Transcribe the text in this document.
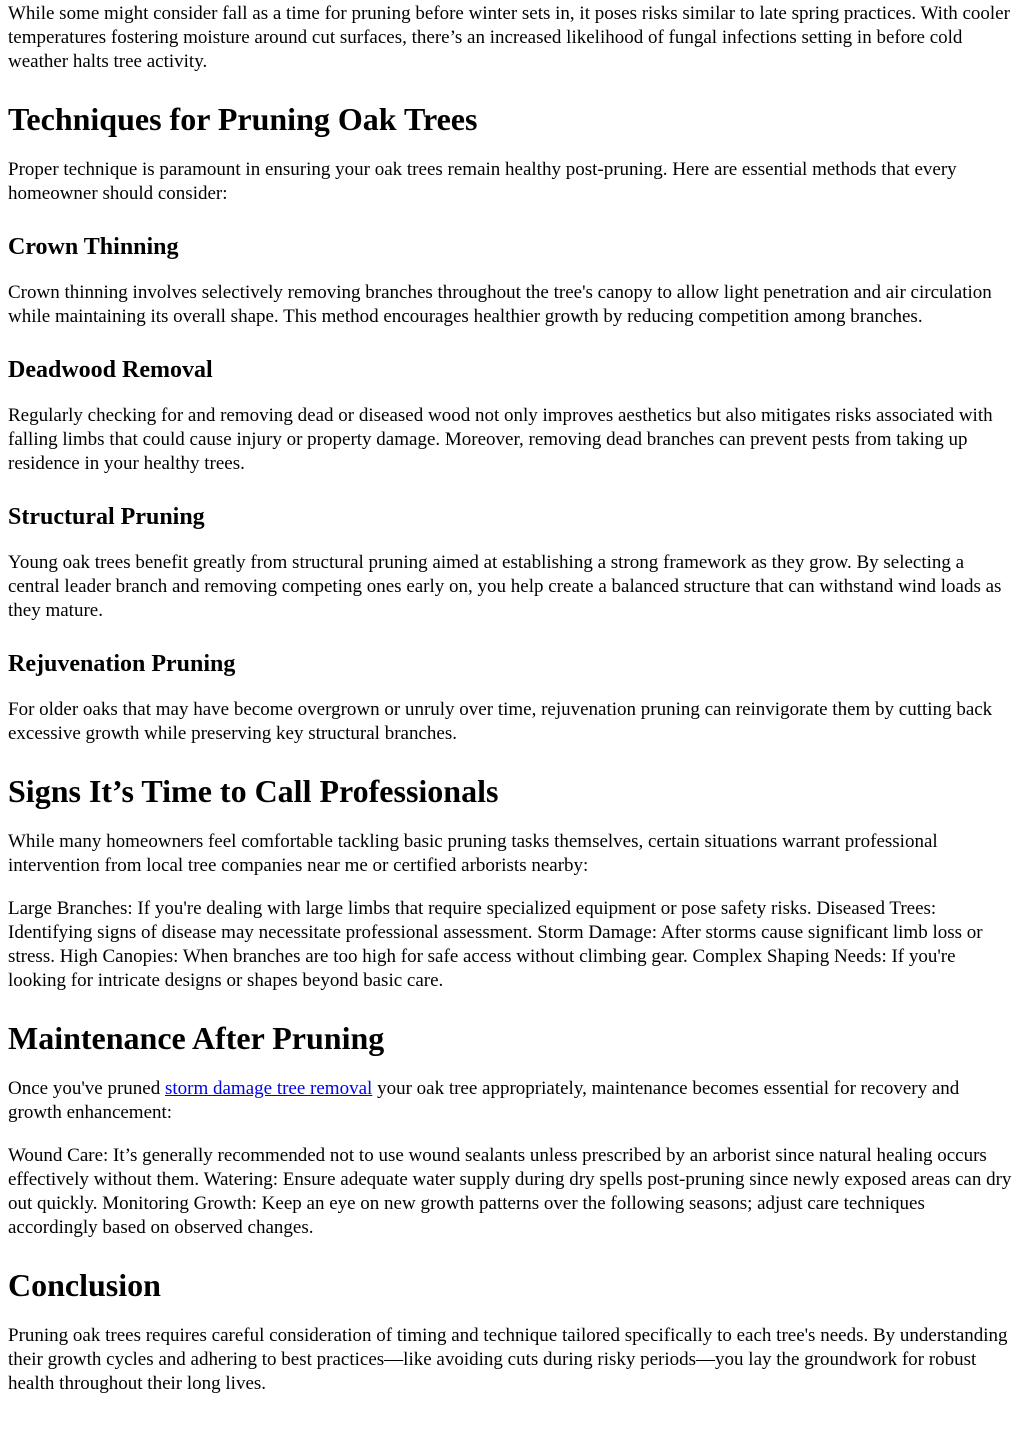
While some might consider fall as a time for pruning before winter sets in, it poses risks similar to late spring practices. With cooler temperatures fostering moisture around cut surfaces, there’s an increased likelihood of fungal infections setting in before cold weather halts tree activity.

Techniques for Pruning Oak Trees

Proper technique is paramount in ensuring your oak trees remain healthy post-pruning. Here are essential methods that every homeowner should consider:

Crown Thinning

Crown thinning involves selectively removing branches throughout the tree's canopy to allow light penetration and air circulation while maintaining its overall shape. This method encourages healthier growth by reducing competition among branches.

Deadwood Removal

Regularly checking for and removing dead or diseased wood not only improves aesthetics but also mitigates risks associated with falling limbs that could cause injury or property damage. Moreover, removing dead branches can prevent pests from taking up residence in your healthy trees.

Structural Pruning

Young oak trees benefit greatly from structural pruning aimed at establishing a strong framework as they grow. By selecting a central leader branch and removing competing ones early on, you help create a balanced structure that can withstand wind loads as they mature.

Rejuvenation Pruning

For older oaks that may have become overgrown or unruly over time, rejuvenation pruning can reinvigorate them by cutting back excessive growth while preserving key structural branches.

Signs It’s Time to Call Professionals

While many homeowners feel comfortable tackling basic pruning tasks themselves, certain situations warrant professional intervention from local tree companies near me or certified arborists nearby:

Large Branches: If you're dealing with large limbs that require specialized equipment or pose safety risks. Diseased Trees: Identifying signs of disease may necessitate professional assessment. Storm Damage: After storms cause significant limb loss or stress. High Canopies: When branches are too high for safe access without climbing gear. Complex Shaping Needs: If you're looking for intricate designs or shapes beyond basic care.

Maintenance After Pruning

Once you've pruned storm damage tree removal your oak tree appropriately, maintenance becomes essential for recovery and growth enhancement:

Wound Care: It’s generally recommended not to use wound sealants unless prescribed by an arborist since natural healing occurs effectively without them. Watering: Ensure adequate water supply during dry spells post-pruning since newly exposed areas can dry out quickly. Monitoring Growth: Keep an eye on new growth patterns over the following seasons; adjust care techniques accordingly based on observed changes.

Conclusion

Pruning oak trees requires careful consideration of timing and technique tailored specifically to each tree's needs. By understanding their growth cycles and adhering to best practices—like avoiding cuts during risky periods—you lay the groundwork for robust health throughout their long lives.
